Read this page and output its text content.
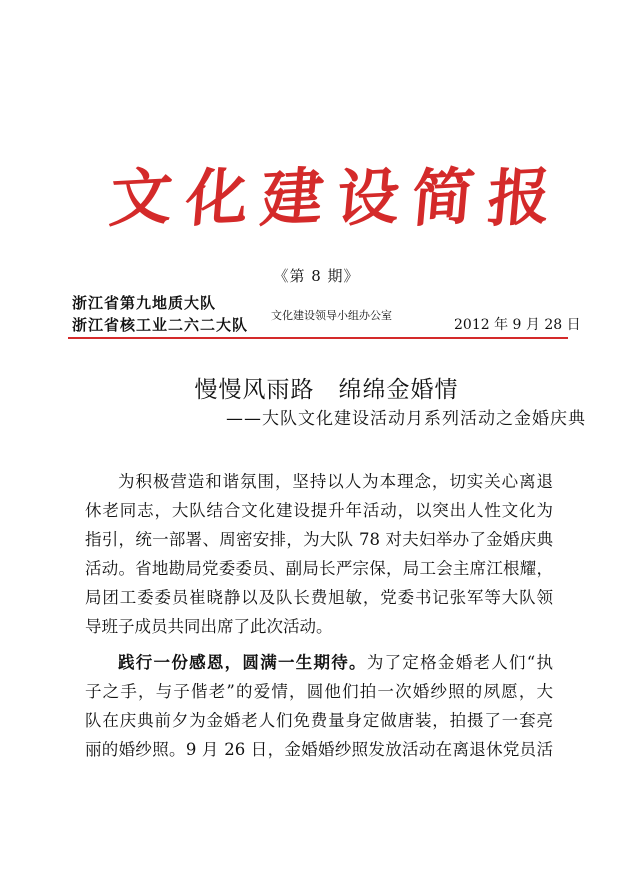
文 化 建 设 简 报
《第 8 期》
浙江省第九地质大队
浙江省核工业二六二大队
文化建设领导小组办公室
2012 年 9 月 28 日
慢慢风雨路　绵绵金婚情
——大队文化建设活动月系列活动之金婚庆典
为积极营造和谐氛围，坚持以人为本理念，切实关心离退
休老同志，大队结合文化建设提升年活动，以突出人性文化为
指引，统一部署、周密安排，为大队 78 对夫妇举办了金婚庆典
活动。省地勘局党委委员、副局长严宗保，局工会主席江根耀，
局团工委委员崔晓静以及队长费旭敏，党委书记张军等大队领
导班子成员共同出席了此次活动。
践行一份感恩，圆满一生期待。为了定格金婚老人们“执
子之手，与子偕老”的爱情，圆他们拍一次婚纱照的夙愿，大
队在庆典前夕为金婚老人们免费量身定做唐装，拍摄了一套亮
丽的婚纱照。9 月 26 日，金婚婚纱照发放活动在离退休党员活
